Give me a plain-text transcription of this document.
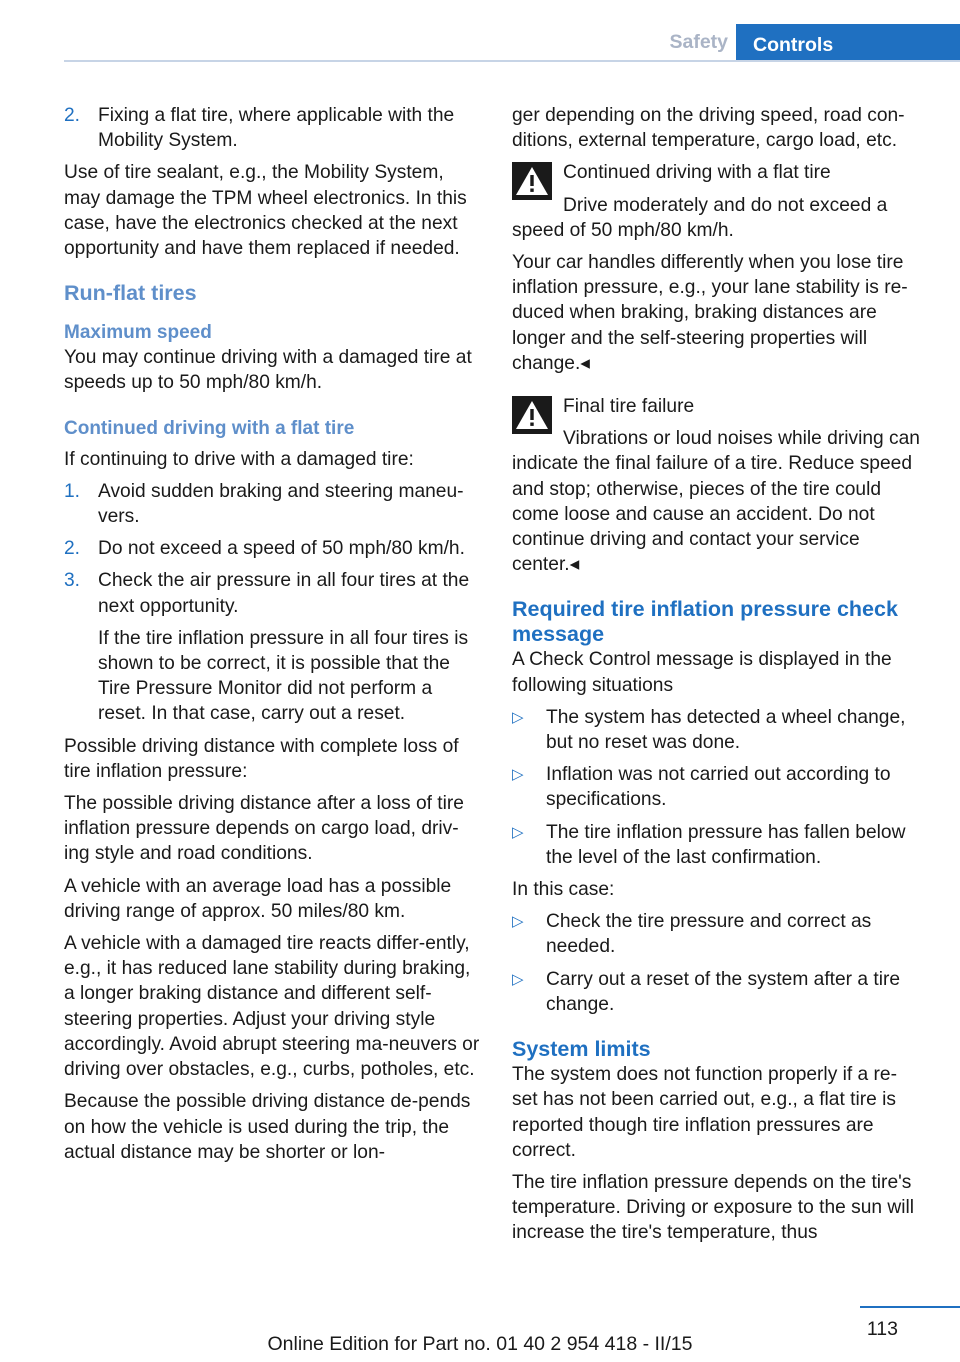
Safety	Controls
2. Fixing a flat tire, where applicable with the Mobility System.

Use of tire sealant, e.g., the Mobility System, may damage the TPM wheel electronics. In this case, have the electronics checked at the next opportunity and have them replaced if needed.

Run-flat tires
Maximum speed

You may continue driving with a damaged tire at speeds up to 50 mph/80 km/h.

Continued driving with a flat tire

If continuing to drive with a damaged tire:

1. Avoid sudden braking and steering maneu‐vers.
2. Do not exceed a speed of 50 mph/80 km/h.
3. Check the air pressure in all four tires at the next opportunity.

If the tire inflation pressure in all four tires is shown to be correct, it is possible that the Tire Pressure Monitor did not perform a reset. In that case, carry out a reset.

Possible driving distance with complete loss of tire inflation pressure:

The possible driving distance after a loss of tire inflation pressure depends on cargo load, driv‐ing style and road conditions.

A vehicle with an average load has a possible driving range of approx. 50 miles/80 km.

A vehicle with a damaged tire reacts differ‐ently, e.g., it has reduced lane stability during braking, a longer braking distance and different self-steering properties. Adjust your driving style accordingly. Avoid abrupt steering ma‐neuvers or driving over obstacles, e.g., curbs, potholes, etc.

Because the possible driving distance de‐pends on how the vehicle is used during the trip, the actual distance may be shorter or lon‐

ger depending on the driving speed, road con‐ditions, external temperature, cargo load, etc.

Continued driving with a flat tire

Drive moderately and do not exceed a speed of 50 mph/80 km/h.

Your car handles differently when you lose tire inflation pressure, e.g., your lane stability is re‐duced when braking, braking distances are longer and the self-steering properties will change.◂

Final tire failure

Vibrations or loud noises while driving can indicate the final failure of a tire. Reduce speed and stop; otherwise, pieces of the tire could come loose and cause an accident. Do not continue driving and contact your service center.◂

Required tire inflation pressure check message

A Check Control message is displayed in the following situations

▷ The system has detected a wheel change, but no reset was done.
▷ Inflation was not carried out according to specifications.
▷ The tire inflation pressure has fallen below the level of the last confirmation.

In this case:

▷ Check the tire pressure and correct as needed.
▷ Carry out a reset of the system after a tire change.
System limits

The system does not function properly if a re‐set has not been carried out, e.g., a flat tire is reported though tire inflation pressures are correct.

The tire inflation pressure depends on the tire's temperature. Driving or exposure to the sun will increase the tire's temperature, thus

113
Online Edition for Part no. 01 40 2 954 418 - II/15
